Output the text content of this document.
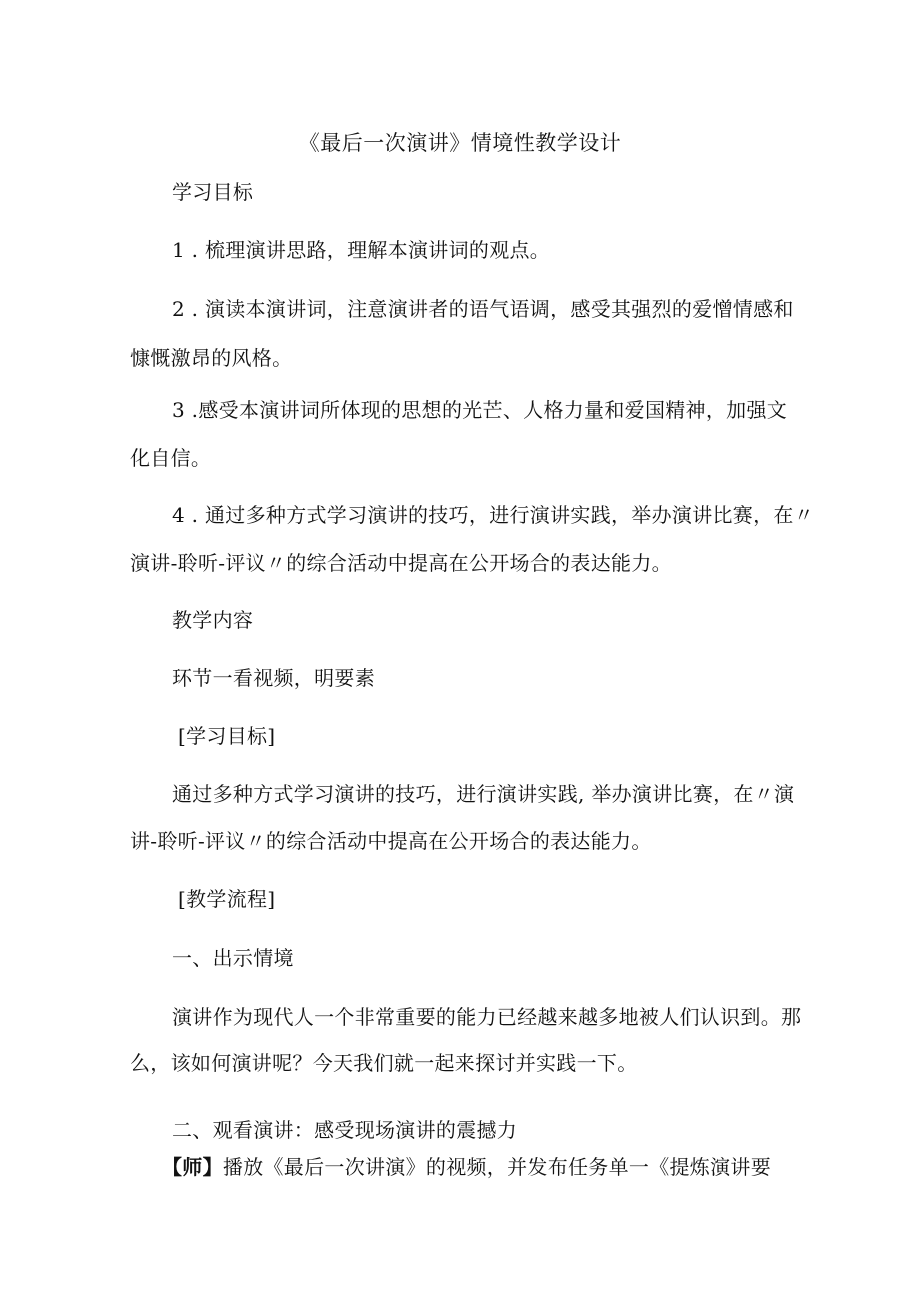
《最后一次演讲》情境性教学设计
学习目标
1 . 梳理演讲思路，理解本演讲词的观点。
2 . 演读本演讲词，注意演讲者的语气语调，感受其强烈的爱憎情感和
慷慨激昂的风格。
3 .感受本演讲词所体现的思想的光芒、人格力量和爱国精神，加强文
化自信。
4 . 通过多种方式学习演讲的技巧，进行演讲实践，举办演讲比赛，在〃
演讲-聆听-评议〃的综合活动中提高在公开场合的表达能力。
教学内容
环节一看视频，明要素
[学习目标]
通过多种方式学习演讲的技巧，进行演讲实践, 举办演讲比赛，在〃演
讲-聆听-评议〃的综合活动中提高在公开场合的表达能力。
[教学流程]
一、出示情境
演讲作为现代人一个非常重要的能力已经越来越多地被人们认识到。那
么，该如何演讲呢？今天我们就一起来探讨并实践一下。
二、观看演讲：感受现场演讲的震撼力
【师】播放《最后一次讲演》的视频，并发布任务单一《提炼演讲要
